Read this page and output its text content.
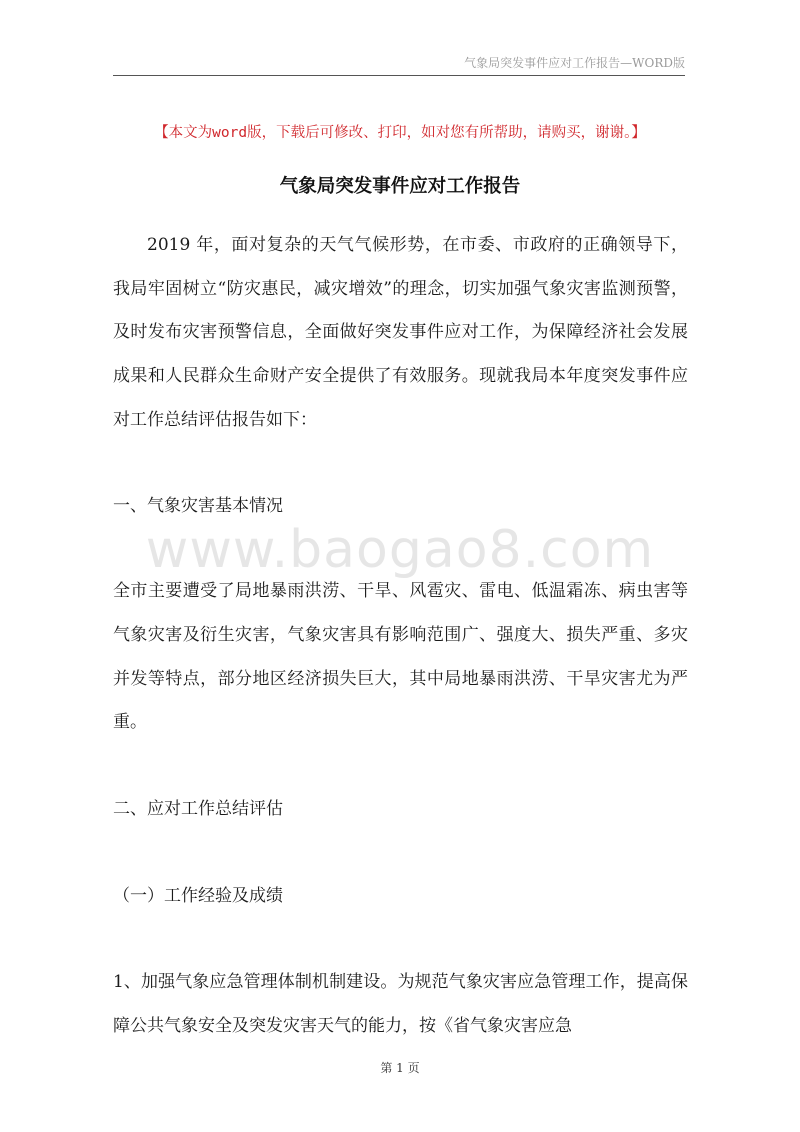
气象局突发事件应对工作报告—WORD版
【本文为word版，下载后可修改、打印，如对您有所帮助，请购买，谢谢。】
气象局突发事件应对工作报告
www.baogao8.com

2019 年，面对复杂的天气气候形势，在市委、市政府的正确领导下，我局牢固树立“防灾惠民，减灾增效”的理念，切实加强气象灾害监测预警，及时发布灾害预警信息，全面做好突发事件应对工作，为保障经济社会发展成果和人民群众生命财产安全提供了有效服务。现就我局本年度突发事件应对工作总结评估报告如下：

一、气象灾害基本情况

全市主要遭受了局地暴雨洪涝、干旱、风雹灾、雷电、低温霜冻、病虫害等气象灾害及衍生灾害，气象灾害具有影响范围广、强度大、损失严重、多灾并发等特点，部分地区经济损失巨大，其中局地暴雨洪涝、干旱灾害尤为严重。

二、应对工作总结评估

（一）工作经验及成绩

1、加强气象应急管理体制机制建设。为规范气象灾害应急管理工作，提高保障公共气象安全及突发灾害天气的能力，按《省气象灾害应急

第 1 页
